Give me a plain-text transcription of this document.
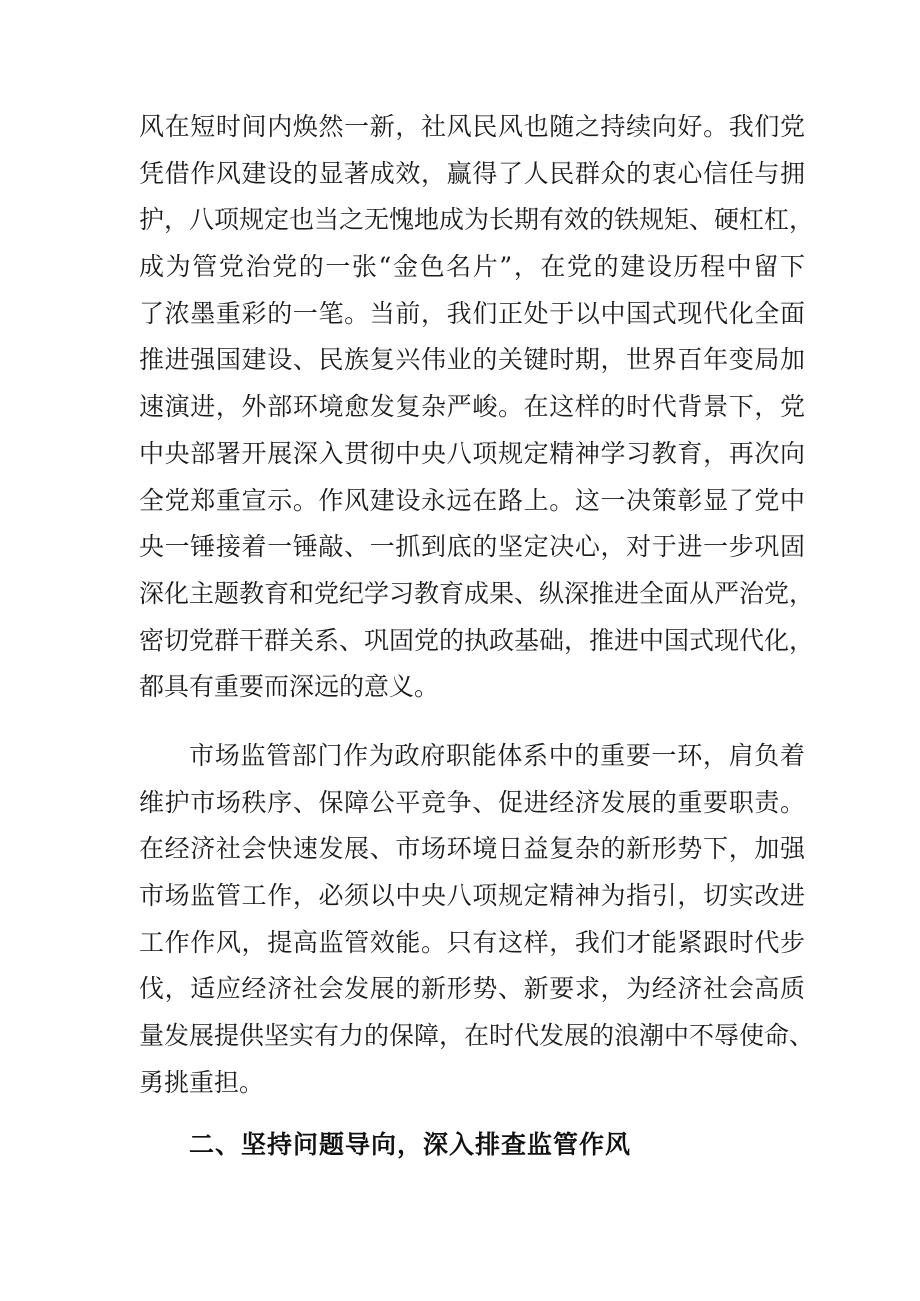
风在短时间内焕然一新，社风民风也随之持续向好。我们党
凭借作风建设的显著成效，赢得了人民群众的衷心信任与拥
护，八项规定也当之无愧地成为长期有效的铁规矩、硬杠杠，
成为管党治党的一张“金色名片”，在党的建设历程中留下
了浓墨重彩的一笔。当前，我们正处于以中国式现代化全面
推进强国建设、民族复兴伟业的关键时期，世界百年变局加
速演进，外部环境愈发复杂严峻。在这样的时代背景下，党
中央部署开展深入贯彻中央八项规定精神学习教育，再次向
全党郑重宣示。作风建设永远在路上。这一决策彰显了党中
央一锤接着一锤敲、一抓到底的坚定决心，对于进一步巩固
深化主题教育和党纪学习教育成果、纵深推进全面从严治党，
密切党群干群关系、巩固党的执政基础，推进中国式现代化，
都具有重要而深远的意义。
市场监管部门作为政府职能体系中的重要一环，肩负着
维护市场秩序、保障公平竞争、促进经济发展的重要职责。
在经济社会快速发展、市场环境日益复杂的新形势下，加强
市场监管工作，必须以中央八项规定精神为指引，切实改进
工作作风，提高监管效能。只有这样，我们才能紧跟时代步
伐，适应经济社会发展的新形势、新要求，为经济社会高质
量发展提供坚实有力的保障，在时代发展的浪潮中不辱使命、
勇挑重担。
二、坚持问题导向，深入排查监管作风
